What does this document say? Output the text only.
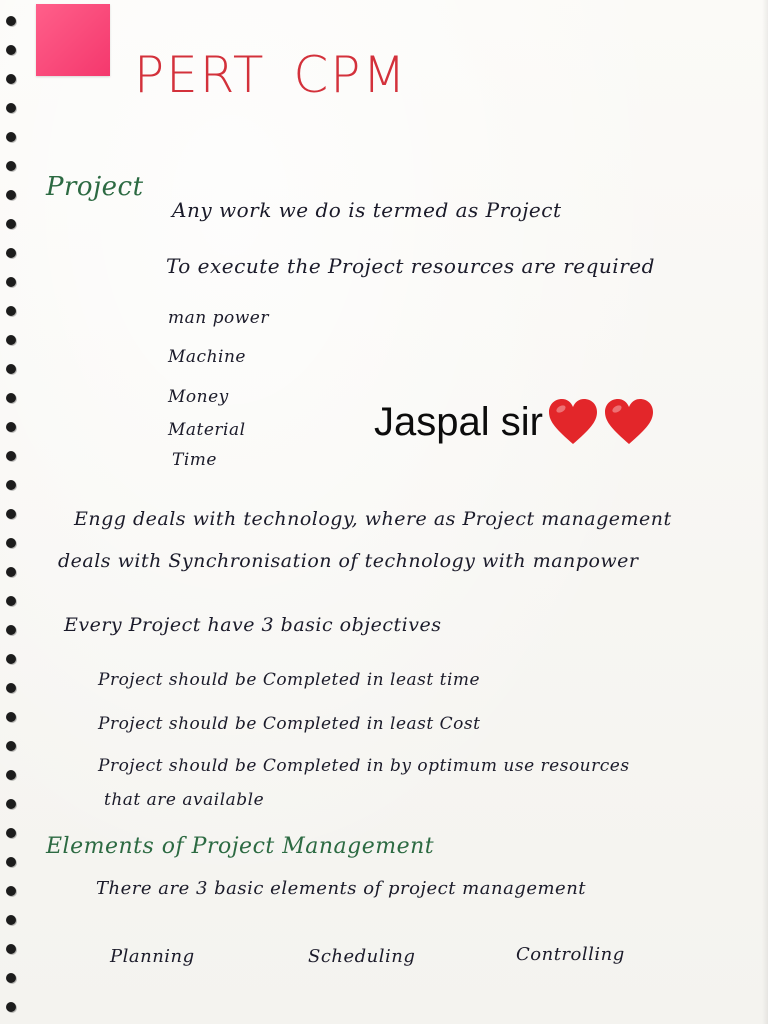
PERT CPM
Project
Any work we do is termed as Project
To execute the Project resources are required
man power
Machine
Money
Material
Time
Jaspal sir
Engg deals with technology, where as Project management
deals with Synchronisation of technology with manpower
Every Project have 3 basic objectives
Project should be Completed in least time
Project should be Completed in least Cost
Project should be Completed in by optimum use resources
that are available
Elements of Project Management
There are 3 basic elements of project management
Planning	Scheduling	Controlling
